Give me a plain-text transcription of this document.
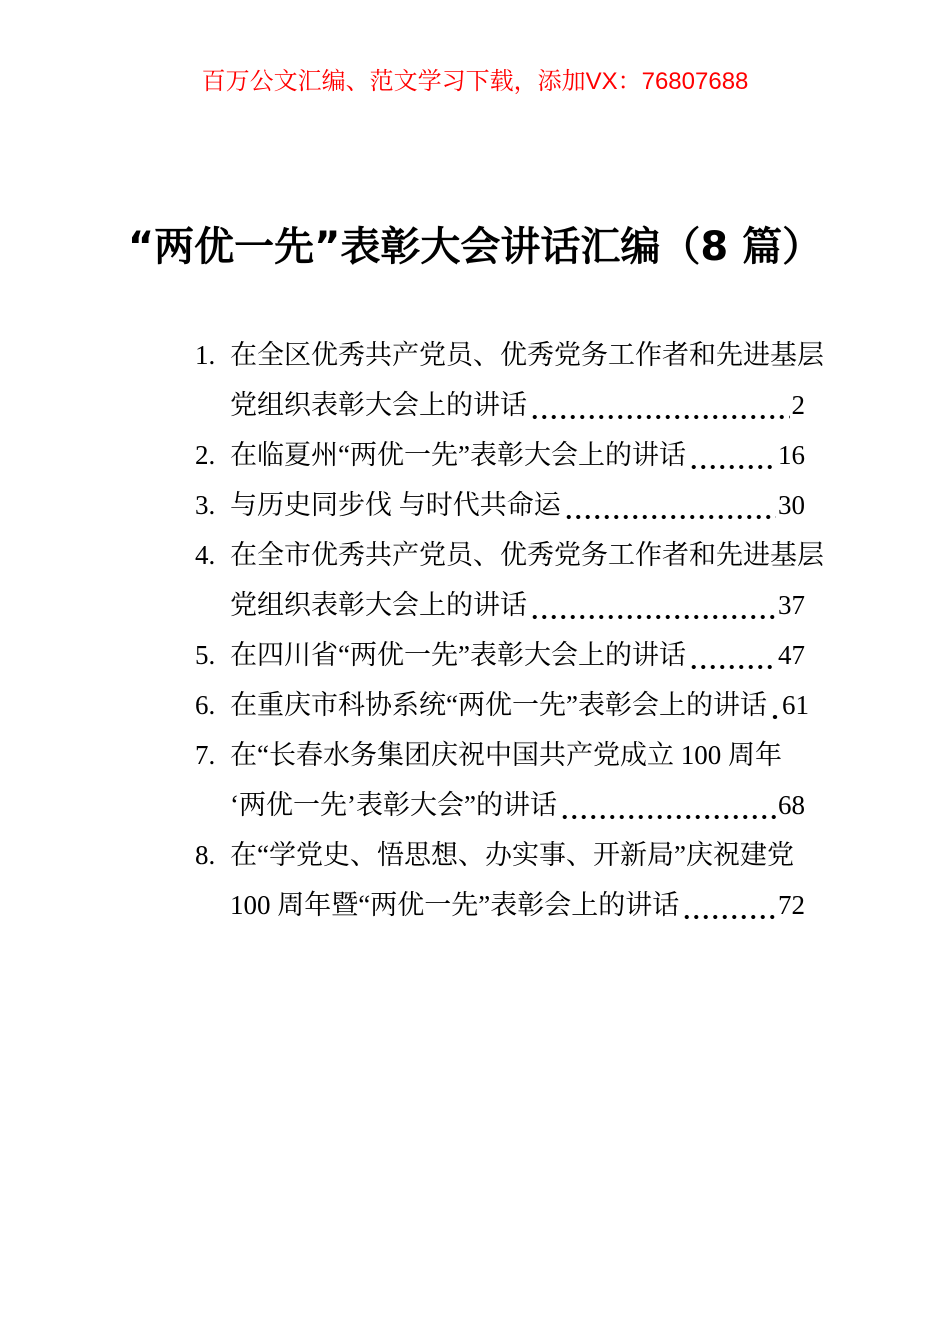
百万公文汇编、范文学习下载，添加VX：76807688
“两优一先”表彰大会讲话汇编（8 篇）
1. 在全区优秀共产党员、优秀党务工作者和先进基层
党组织表彰大会上的讲话	2
2. 在临夏州“两优一先”表彰大会上的讲话	16
3. 与历史同步伐 与时代共命运	30
4. 在全市优秀共产党员、优秀党务工作者和先进基层
党组织表彰大会上的讲话	37
5. 在四川省“两优一先”表彰大会上的讲话	47
6. 在重庆市科协系统“两优一先”表彰会上的讲话 61
7. 在“长春水务集团庆祝中国共产党成立 100 周年
‘两优一先’表彰大会”的讲话	68
8. 在“学党史、悟思想、办实事、开新局”庆祝建党
100 周年暨“两优一先”表彰会上的讲话	72
